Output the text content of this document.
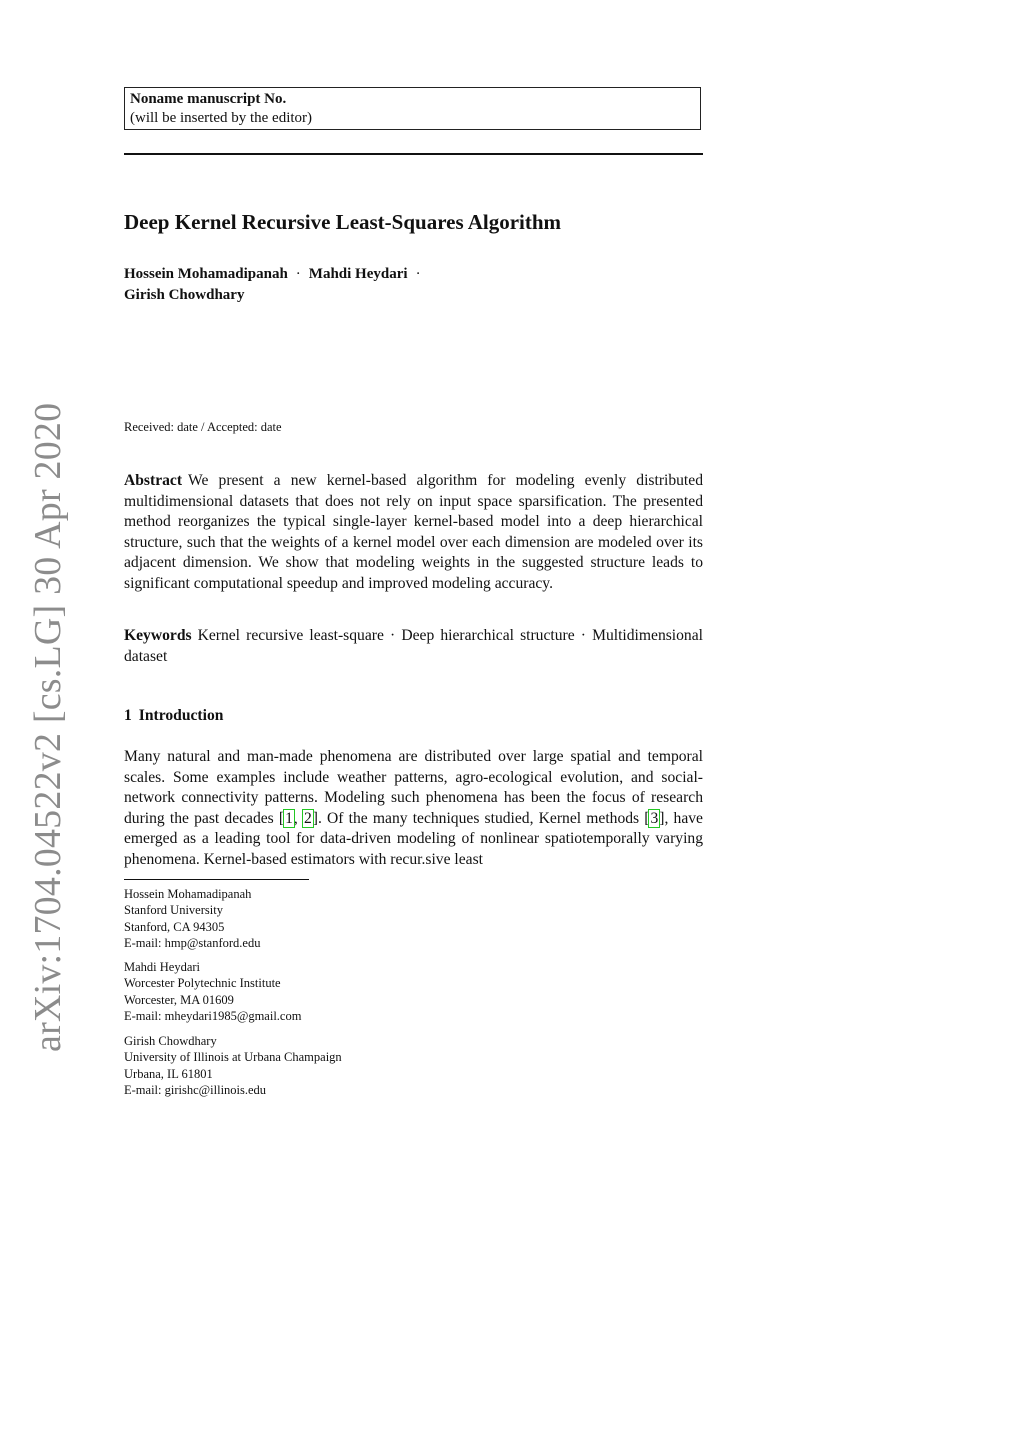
arXiv:1704.04522v2 [cs.LG] 30 Apr 2020
Noname manuscript No.
(will be inserted by the editor)
Deep Kernel Recursive Least-Squares Algorithm
Hossein Mohamadipanah · Mahdi Heydari ·
Girish Chowdhary
Received: date / Accepted: date
Abstract We present a new kernel-based algorithm for modeling evenly distributed multidimensional datasets that does not rely on input space sparsification. The presented method reorganizes the typical single-layer kernel-based model into a deep hierarchical structure, such that the weights of a kernel model over each dimension are modeled over its adjacent dimension. We show that modeling weights in the suggested structure leads to significant computational speedup and improved modeling accuracy.
Keywords Kernel recursive least-square · Deep hierarchical structure · Multidimensional dataset
1 Introduction
Many natural and man-made phenomena are distributed over large spatial and temporal scales. Some examples include weather patterns, agro-ecological evolution, and social-network connectivity patterns. Modeling such phenomena has been the focus of research during the past decades [1, 2]. Of the many techniques studied, Kernel methods [3], have emerged as a leading tool for data-driven modeling of nonlinear spatiotemporally varying phenomena. Kernel-based estimators with recur.sive least
Hossein Mohamadipanah
Stanford University
Stanford, CA 94305
E-mail: hmp@stanford.edu
Mahdi Heydari
Worcester Polytechnic Institute
Worcester, MA 01609
E-mail: mheydari1985@gmail.com
Girish Chowdhary
University of Illinois at Urbana Champaign
Urbana, IL 61801
E-mail: girishc@illinois.edu
